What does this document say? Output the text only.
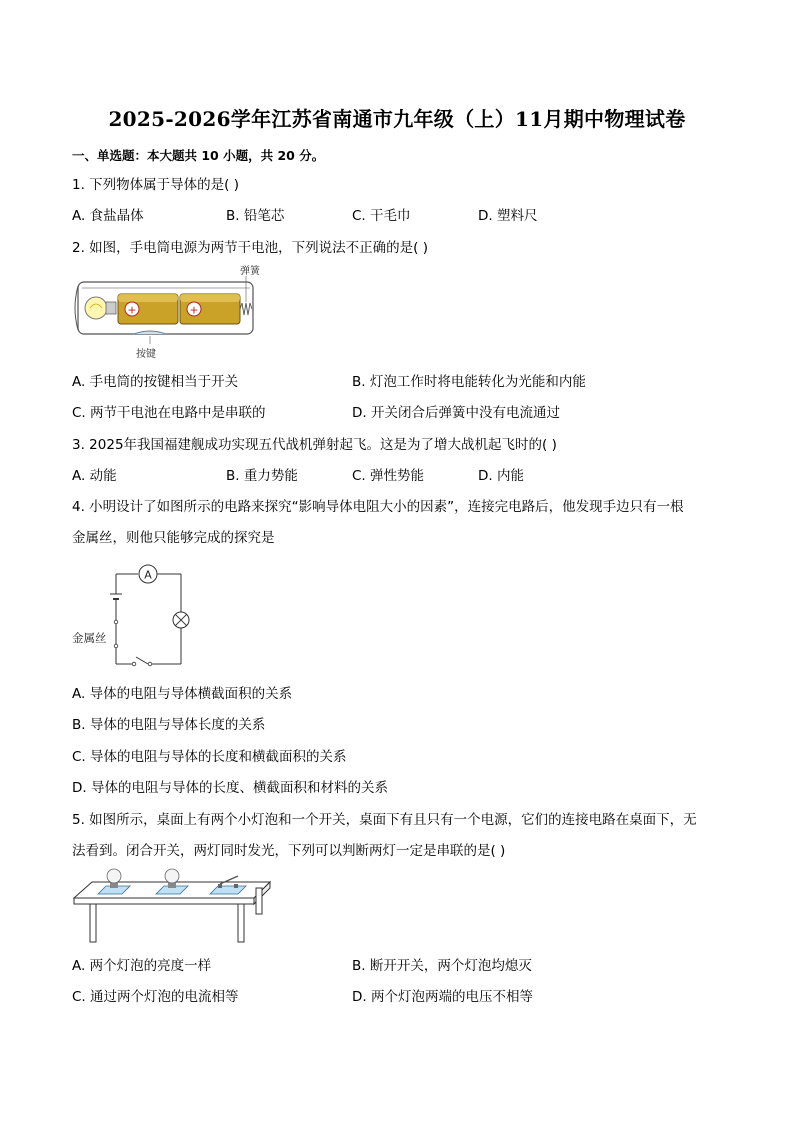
2025-2026学年江苏省南通市九年级（上）11月期中物理试卷
一、单选题：本大题共 10 小题，共 20 分。
1. 下列物体属于导体的是( )
A. 食盐晶体	B. 铅笔芯	C. 干毛巾	D. 塑料尺
2. 如图，手电筒电源为两节干电池，下列说法不正确的是( )
+	+
弹簧
按键
A. 手电筒的按键相当于开关	B. 灯泡工作时将电能转化为光能和内能
C. 两节干电池在电路中是串联的	D. 开关闭合后弹簧中没有电流通过
3. 2025年我国福建舰成功实现五代战机弹射起飞。这是为了增大战机起飞时的( )
A. 动能	B. 重力势能	C. 弹性势能	D. 内能
4. 小明设计了如图所示的电路来探究“影响导体电阻大小的因素”，连接完电路后，他发现手边只有一根
金属丝，则他只能够完成的探究是
A
金属丝
A. 导体的电阻与导体横截面积的关系
B. 导体的电阻与导体长度的关系
C. 导体的电阻与导体的长度和横截面积的关系
D. 导体的电阻与导体的长度、横截面积和材料的关系
5. 如图所示，桌面上有两个小灯泡和一个开关，桌面下有且只有一个电源，它们的连接电路在桌面下，无
法看到。闭合开关，两灯同时发光，下列可以判断两灯一定是串联的是( )
A. 两个灯泡的亮度一样	B. 断开开关，两个灯泡均熄灭
C. 通过两个灯泡的电流相等	D. 两个灯泡两端的电压不相等
